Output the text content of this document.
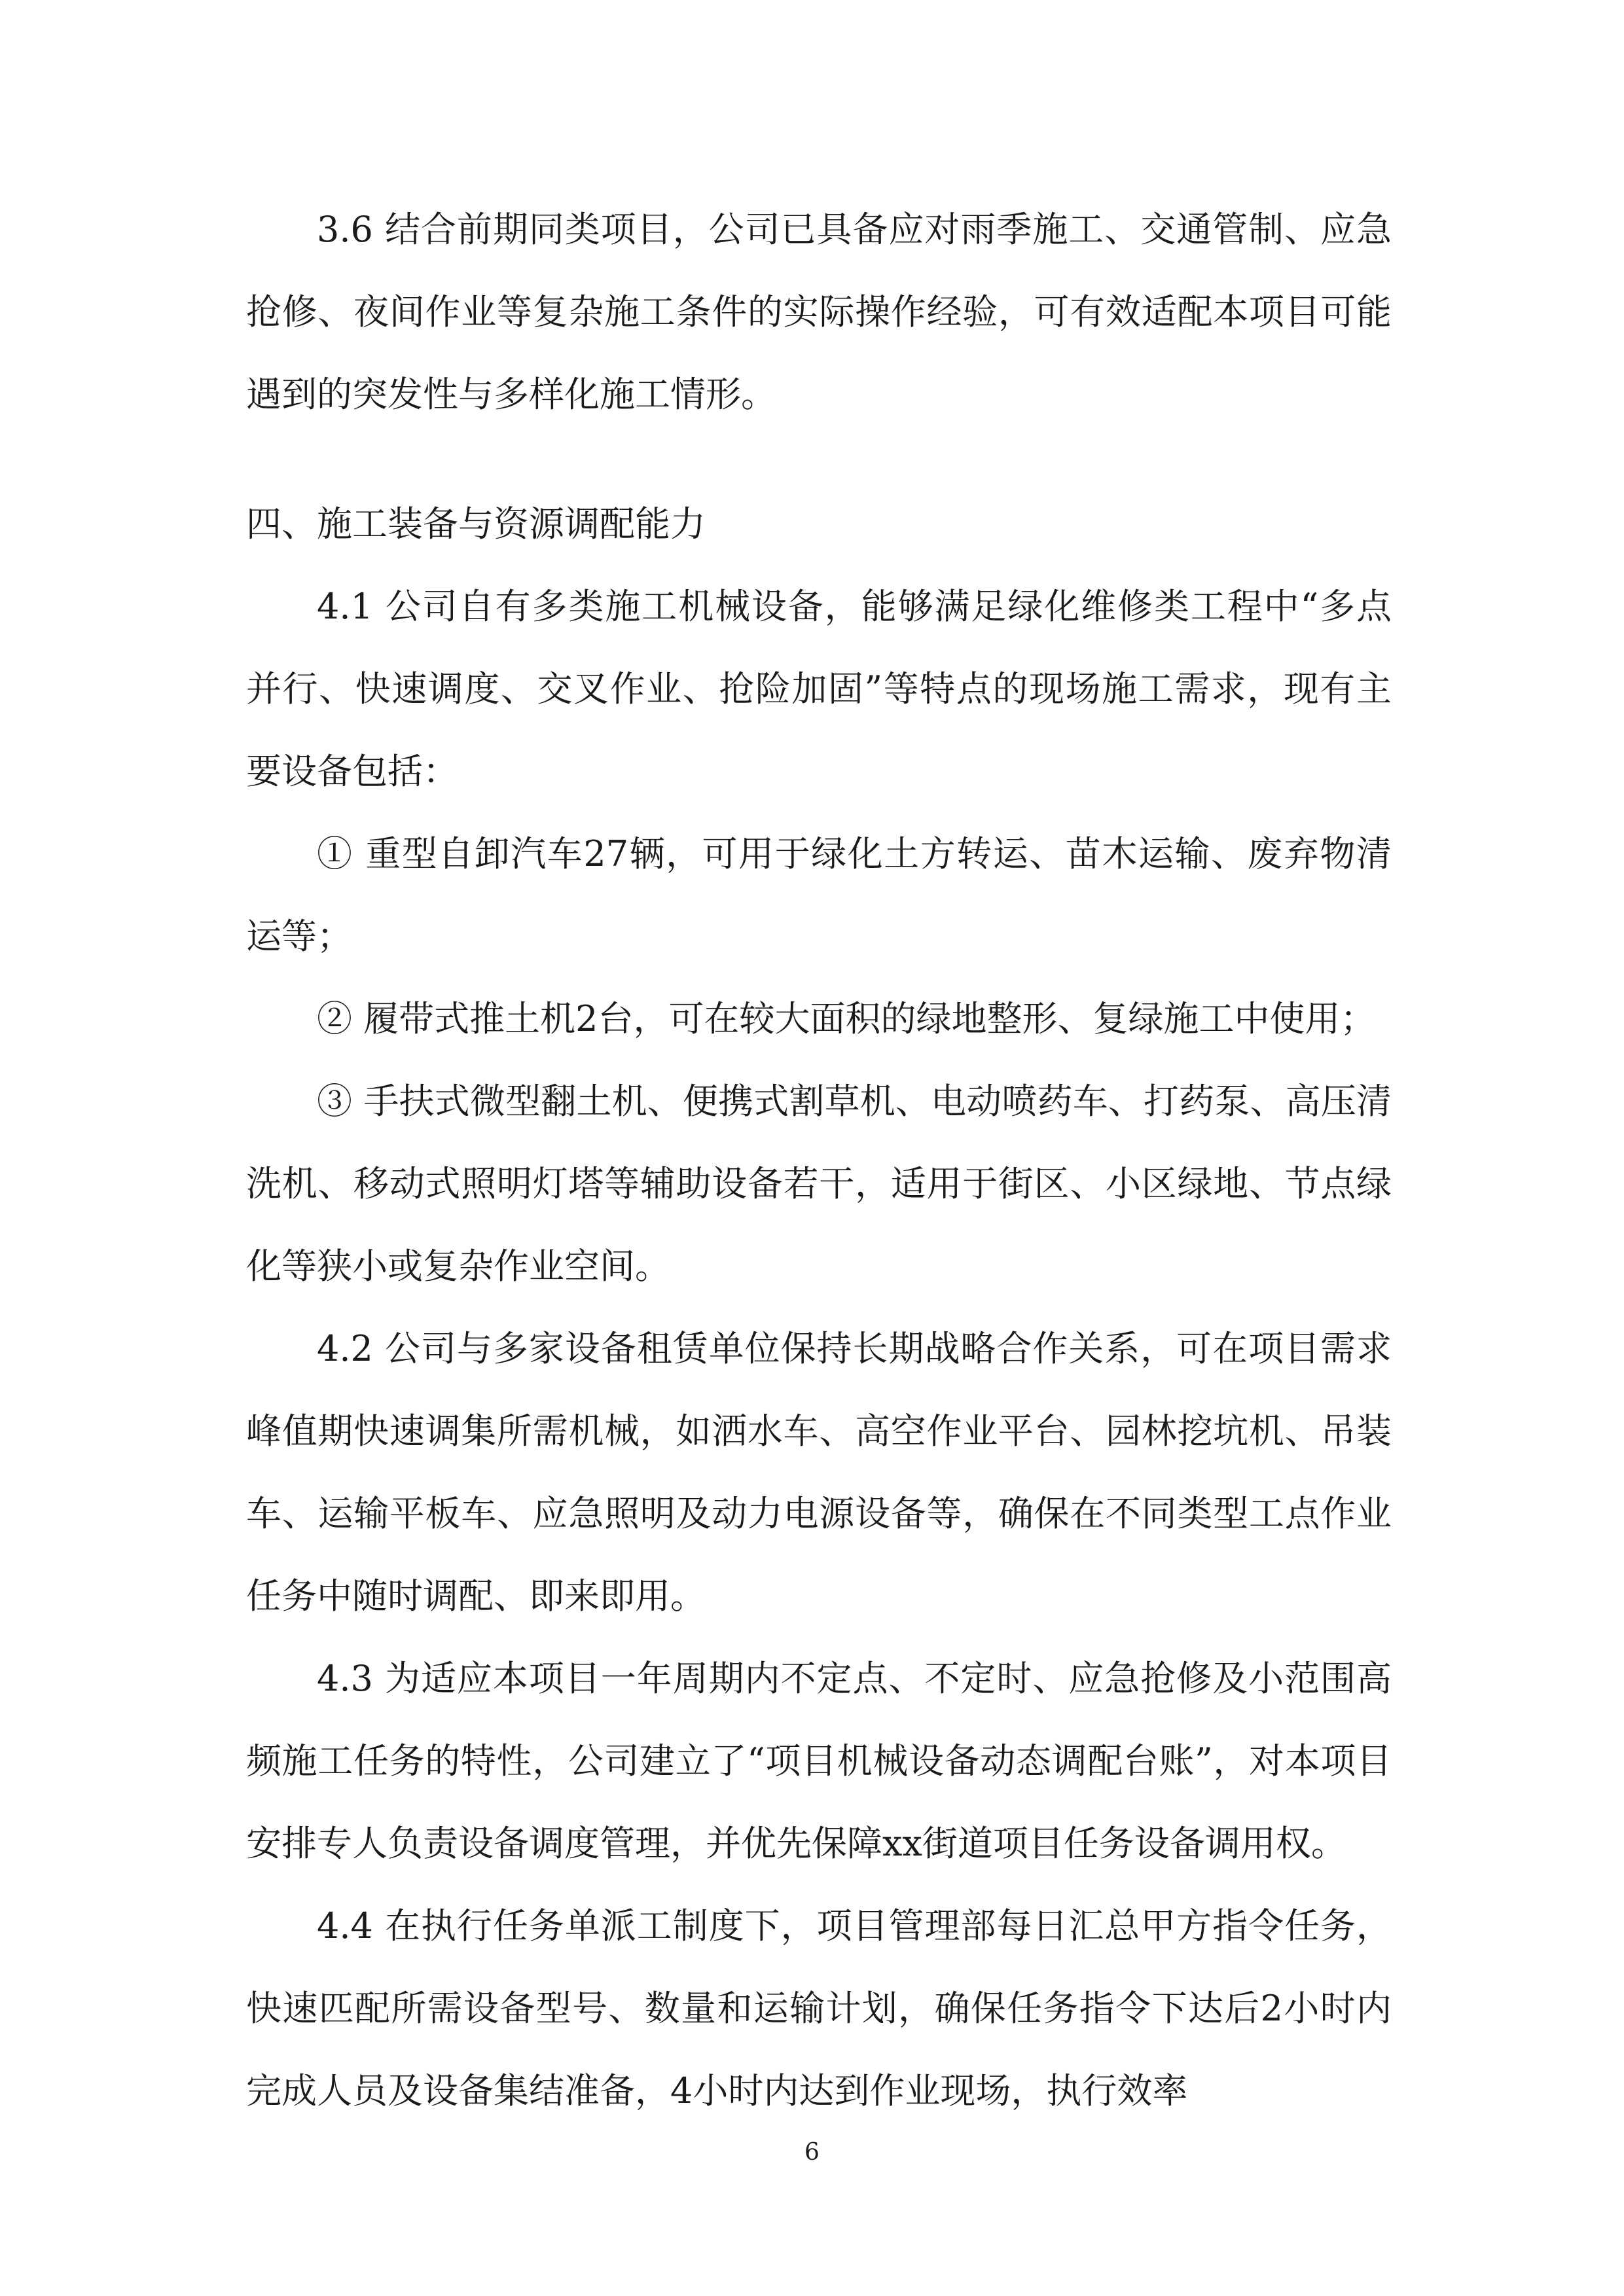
3.6 结合前期同类项目，公司已具备应对雨季施工、交通管制、应急抢修、夜间作业等复杂施工条件的实际操作经验，可有效适配本项目可能遇到的突发性与多样化施工情形。

四、施工装备与资源调配能力

4.1 公司自有多类施工机械设备，能够满足绿化维修类工程中“多点并行、快速调度、交叉作业、抢险加固”等特点的现场施工需求，现有主要设备包括：

① 重型自卸汽车27辆，可用于绿化土方转运、苗木运输、废弃物清运等；

② 履带式推土机2台，可在较大面积的绿地整形、复绿施工中使用；

③ 手扶式微型翻土机、便携式割草机、电动喷药车、打药泵、高压清洗机、移动式照明灯塔等辅助设备若干，适用于街区、小区绿地、节点绿化等狭小或复杂作业空间。

4.2 公司与多家设备租赁单位保持长期战略合作关系，可在项目需求峰值期快速调集所需机械，如洒水车、高空作业平台、园林挖坑机、吊装车、运输平板车、应急照明及动力电源设备等，确保在不同类型工点作业任务中随时调配、即来即用。

4.3 为适应本项目一年周期内不定点、不定时、应急抢修及小范围高频施工任务的特性，公司建立了“项目机械设备动态调配台账”，对本项目安排专人负责设备调度管理，并优先保障xx街道项目任务设备调用权。

4.4 在执行任务单派工制度下，项目管理部每日汇总甲方指令任务，快速匹配所需设备型号、数量和运输计划，确保任务指令下达后2小时内完成人员及设备集结准备，4小时内达到作业现场，执行效率

6
